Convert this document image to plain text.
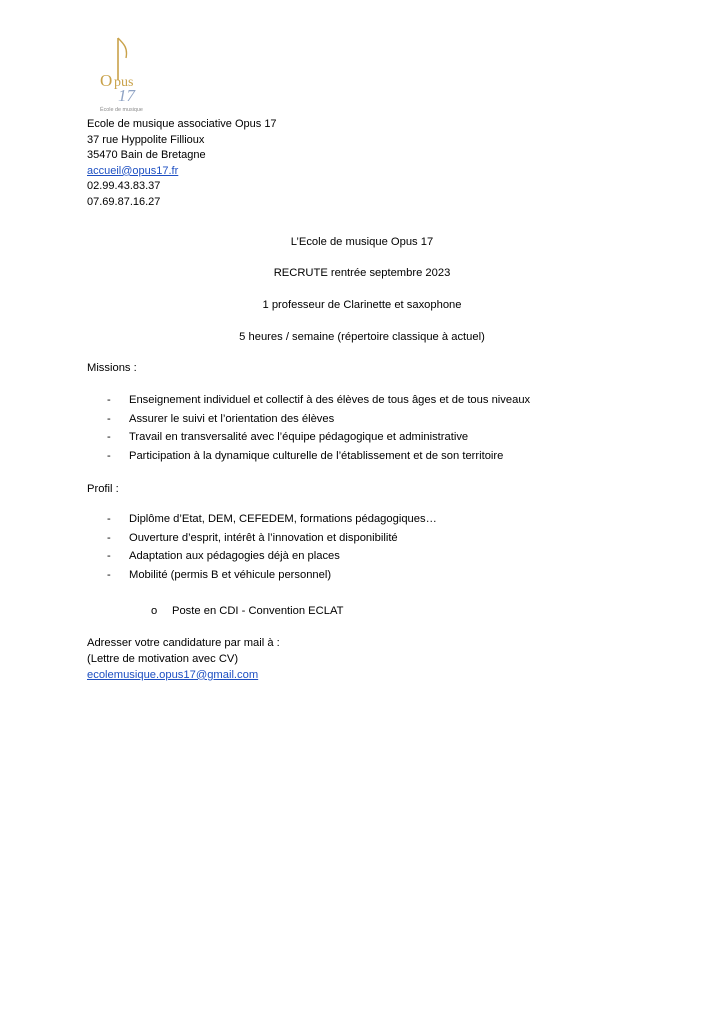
O pus
17
École de musique
Ecole de musique associative Opus 17
37 rue Hyppolite Fillioux
35470 Bain de Bretagne
accueil@opus17.fr
02.99.43.83.37
07.69.87.16.27
L’Ecole de musique Opus 17
RECRUTE rentrée septembre 2023
1 professeur de Clarinette et saxophone
5 heures / semaine (répertoire classique à actuel)
Missions :
- Enseignement individuel et collectif à des élèves de tous âges et de tous niveaux
- Assurer le suivi et l’orientation des élèves
- Travail en transversalité avec l’équipe pédagogique et administrative
- Participation à la dynamique culturelle de l’établissement et de son territoire
Profil :
- Diplôme d’Etat, DEM, CEFEDEM, formations pédagogiques…
- Ouverture d’esprit, intérêt à l’innovation et disponibilité
- Adaptation aux pédagogies déjà en places
- Mobilité (permis B et véhicule personnel)
o Poste en CDI - Convention ECLAT
Adresser votre candidature par mail à :
(Lettre de motivation avec CV)
ecolemusique.opus17@gmail.com
